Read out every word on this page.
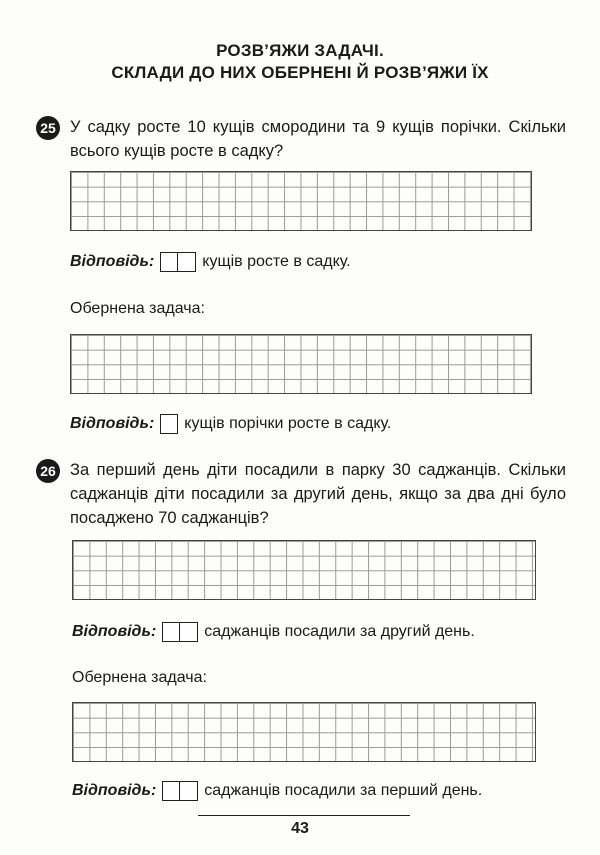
РОЗВ’ЯЖИ ЗАДАЧІ.
СКЛАДИ ДО НИХ ОБЕРНЕНІ Й РОЗВ’ЯЖИ ЇХ
25 У садку росте 10 кущів смородини та 9 кущів порічки. Скільки всього кущів росте в садку?
Відповідь:	кущів росте в садку.
Обернена задача:
Відповідь: кущів порічки росте в садку.
26 За перший день діти посадили в парку 30 саджанців. Скільки саджанців діти посадили за другий день, якщо за два дні було посаджено 70 саджанців?
Відповідь:	саджанців посадили за другий день.
Обернена задача:
Відповідь:	саджанців посадили за перший день.
43
